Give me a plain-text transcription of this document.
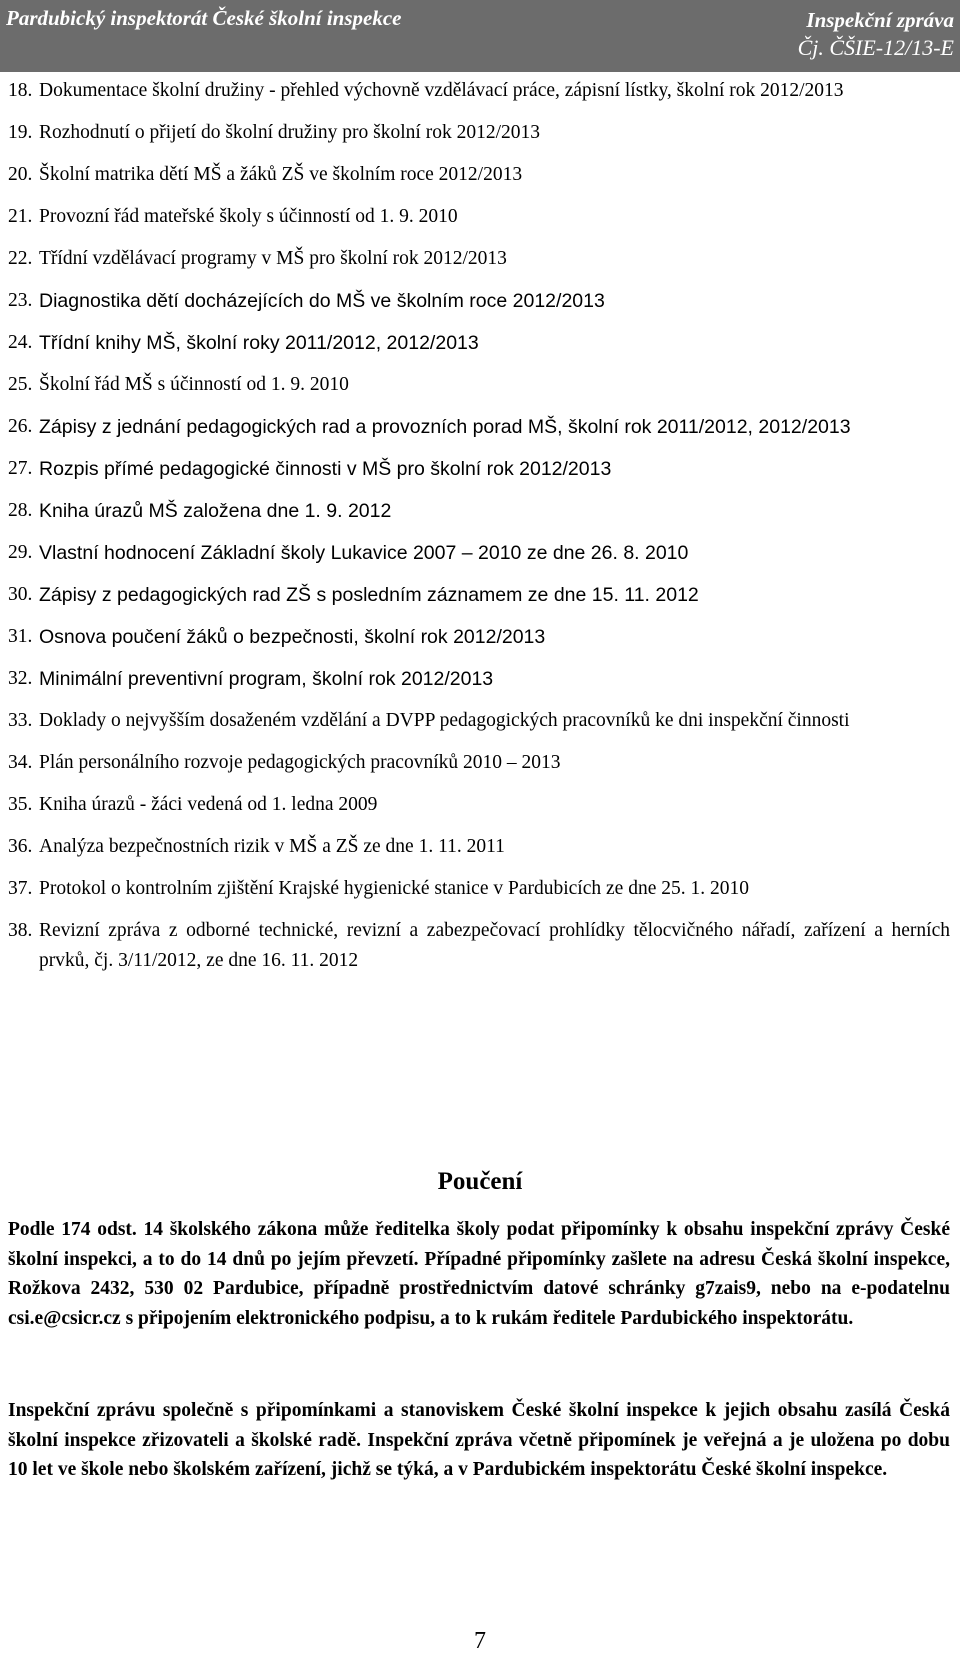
Pardubický inspektorát České školní inspekce	Inspekční zpráva
Čj. ČŠIE-12/13-E
18. Dokumentace školní družiny - přehled výchovně vzdělávací práce, zápisní lístky, školní rok 2012/2013
19. Rozhodnutí o přijetí do školní družiny pro školní rok 2012/2013
20. Školní matrika dětí MŠ a žáků ZŠ ve školním roce 2012/2013
21. Provozní řád mateřské školy s účinností od 1. 9. 2010
22. Třídní vzdělávací programy v MŠ pro školní rok 2012/2013
23. Diagnostika dětí docházejících do MŠ ve školním roce 2012/2013
24. Třídní knihy MŠ, školní roky 2011/2012, 2012/2013
25. Školní řád MŠ s účinností od 1. 9. 2010
26. Zápisy z jednání pedagogických rad a provozních porad MŠ, školní rok 2011/2012, 2012/2013
27. Rozpis přímé pedagogické činnosti v MŠ pro školní rok 2012/2013
28. Kniha úrazů MŠ založena dne 1. 9. 2012
29. Vlastní hodnocení Základní školy Lukavice 2007 – 2010 ze dne 26. 8. 2010
30. Zápisy z pedagogických rad ZŠ s posledním záznamem ze dne 15. 11. 2012
31. Osnova poučení žáků o bezpečnosti, školní rok 2012/2013
32. Minimální preventivní program, školní rok 2012/2013
33. Doklady o nejvyšším dosaženém vzdělání a DVPP pedagogických pracovníků ke dni inspekční činnosti
34. Plán personálního rozvoje pedagogických pracovníků 2010 – 2013
35. Kniha úrazů - žáci vedená od 1. ledna 2009
36. Analýza bezpečnostních rizik v MŠ a ZŠ ze dne 1. 11. 2011
37. Protokol o kontrolním zjištění Krajské hygienické stanice v Pardubicích ze dne 25. 1. 2010
38. Revizní zpráva z odborné technické, revizní a zabezpečovací prohlídky tělocvičného nářadí, zařízení a herních prvků, čj. 3/11/2012, ze dne 16. 11. 2012
Poučení
Podle 174 odst. 14 školského zákona může ředitelka školy podat připomínky k obsahu inspekční zprávy České školní inspekci, a to do 14 dnů po jejím převzetí. Případné připomínky zašlete na adresu Česká školní inspekce, Rožkova 2432, 530 02 Pardubice, případně prostřednictvím datové schránky g7zais9, nebo na e-podatelnu csi.e@csicr.cz s připojením elektronického podpisu, a to k rukám ředitele Pardubického inspektorátu.
Inspekční zprávu společně s připomínkami a stanoviskem České školní inspekce k jejich obsahu zasílá Česká školní inspekce zřizovateli a školské radě. Inspekční zpráva včetně připomínek je veřejná a je uložena po dobu 10 let ve škole nebo školském zařízení, jichž se týká, a v Pardubickém inspektorátu České školní inspekce.
7
